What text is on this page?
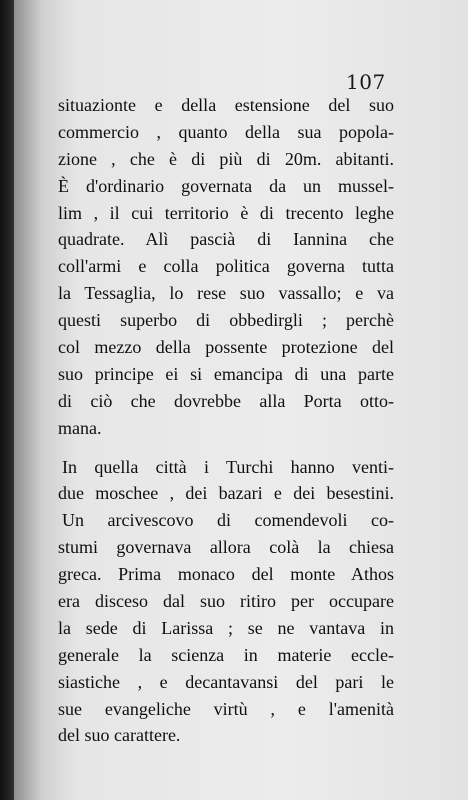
107
situazionte e della estensione del suo
commercio , quanto della sua popola-
zione , che è di più di 20m. abitanti.
È d'ordinario governata da un mussel-
lim , il cui territorio è di trecento leghe
quadrate. Alì pascià di Iannina che
coll'armi e colla politica governa tutta
la Tessaglia, lo rese suo vassallo; e va
questi superbo di obbedirgli ; perchè
col mezzo della possente protezione del
suo principe ei si emancipa di una parte
di ciò che dovrebbe alla Porta otto-
mana.
In quella città i Turchi hanno venti-
due moschee , dei bazari e dei besestini.
Un arcivescovo di comendevoli co-
stumi governava allora colà la chiesa
greca. Prima monaco del monte Athos
era disceso dal suo ritiro per occupare
la sede di Larissa ; se ne vantava in
generale la scienza in materie eccle-
siastiche , e decantavansi del pari le
sue evangeliche virtù , e l'amenità
del suo carattere.
